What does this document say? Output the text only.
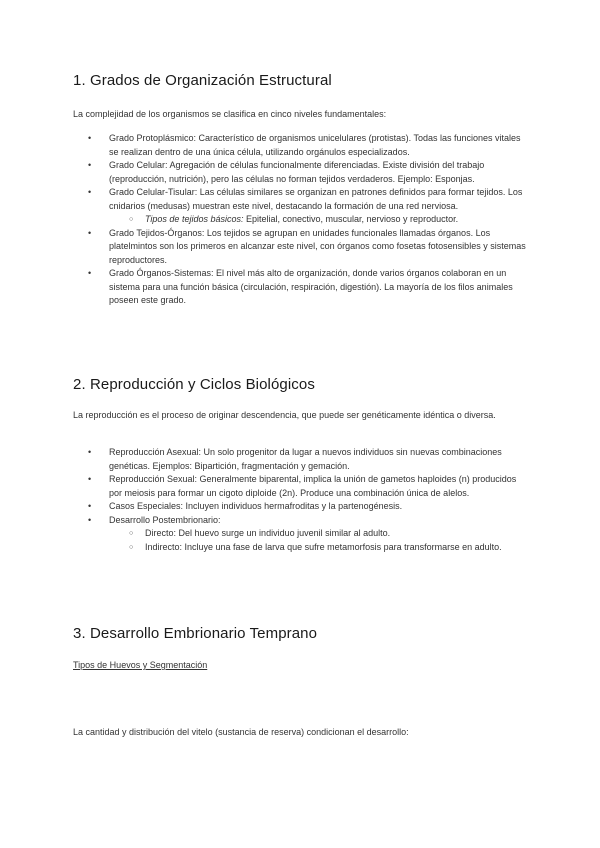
1. Grados de Organización Estructural

La complejidad de los organismos se clasifica en cinco niveles fundamentales:

• Grado Protoplásmico: Característico de organismos unicelulares (protistas). Todas las funciones vitales se realizan dentro de una única célula, utilizando orgánulos especializados.
• Grado Celular: Agregación de células funcionalmente diferenciadas. Existe división del trabajo (reproducción, nutrición), pero las células no forman tejidos verdaderos. Ejemplo: Esponjas.
• Grado Celular-Tisular: Las células similares se organizan en patrones definidos para formar tejidos. Los cnidarios (medusas) muestran este nivel, destacando la formación de una red nerviosa.
○ Tipos de tejidos básicos: Epitelial, conectivo, muscular, nervioso y reproductor.
• Grado Tejidos-Órganos: Los tejidos se agrupan en unidades funcionales llamadas órganos. Los platelmintos son los primeros en alcanzar este nivel, con órganos como fosetas fotosensibles y sistemas reproductores.
• Grado Órganos-Sistemas: El nivel más alto de organización, donde varios órganos colaboran en un sistema para una función básica (circulación, respiración, digestión). La mayoría de los filos animales poseen este grado.
2. Reproducción y Ciclos Biológicos

La reproducción es el proceso de originar descendencia, que puede ser genéticamente idéntica o diversa.

• Reproducción Asexual: Un solo progenitor da lugar a nuevos individuos sin nuevas combinaciones genéticas. Ejemplos: Bipartición, fragmentación y gemación.
• Reproducción Sexual: Generalmente biparental, implica la unión de gametos haploides (n) producidos por meiosis para formar un cigoto diploide (2n). Produce una combinación única de alelos.
• Casos Especiales: Incluyen individuos hermafroditas y la partenogénesis.
• Desarrollo Postembrionario:
○ Directo: Del huevo surge un individuo juvenil similar al adulto.
○ Indirecto: Incluye una fase de larva que sufre metamorfosis para transformarse en adulto.
3. Desarrollo Embrionario Temprano

Tipos de Huevos y Segmentación

La cantidad y distribución del vitelo (sustancia de reserva) condicionan el desarrollo:
